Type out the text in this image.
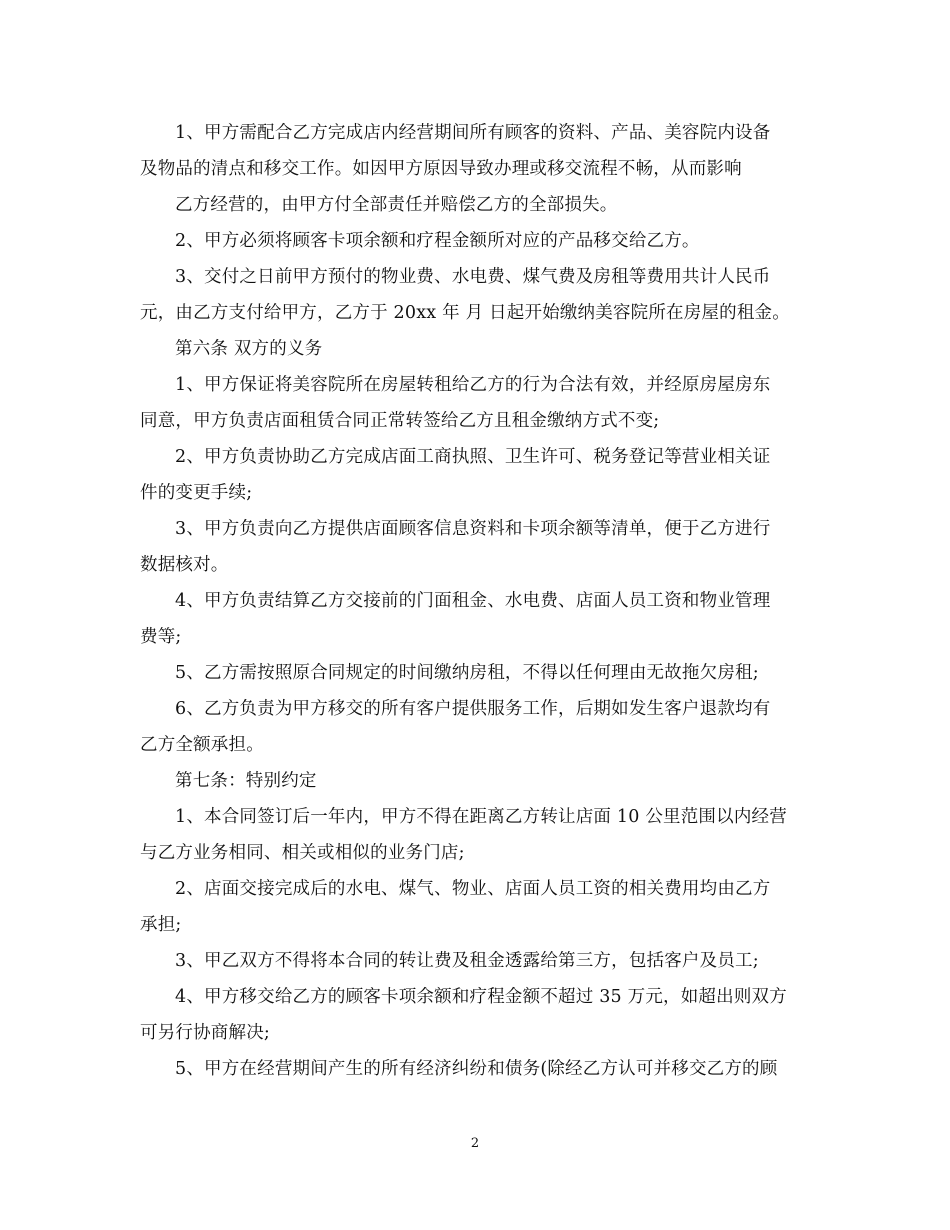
1、甲方需配合乙方完成店内经营期间所有顾客的资料、产品、美容院内设备
及物品的清点和移交工作。如因甲方原因导致办理或移交流程不畅，从而影响
乙方经营的，由甲方付全部责任并赔偿乙方的全部损失。
2、甲方必须将顾客卡项余额和疗程金额所对应的产品移交给乙方。
3、交付之日前甲方预付的物业费、水电费、煤气费及房租等费用共计人民币
元，由乙方支付给甲方，乙方于 20xx 年 月 日起开始缴纳美容院所在房屋的租金。
第六条 双方的义务
1、甲方保证将美容院所在房屋转租给乙方的行为合法有效，并经原房屋房东
同意，甲方负责店面租赁合同正常转签给乙方且租金缴纳方式不变;
2、甲方负责协助乙方完成店面工商执照、卫生许可、税务登记等营业相关证
件的变更手续;
3、甲方负责向乙方提供店面顾客信息资料和卡项余额等清单，便于乙方进行
数据核对。
4、甲方负责结算乙方交接前的门面租金、水电费、店面人员工资和物业管理
费等;
5、乙方需按照原合同规定的时间缴纳房租，不得以任何理由无故拖欠房租;
6、乙方负责为甲方移交的所有客户提供服务工作，后期如发生客户退款均有
乙方全额承担。
第七条：特别约定
1、本合同签订后一年内，甲方不得在距离乙方转让店面 10 公里范围以内经营
与乙方业务相同、相关或相似的业务门店;
2、店面交接完成后的水电、煤气、物业、店面人员工资的相关费用均由乙方
承担;
3、甲乙双方不得将本合同的转让费及租金透露给第三方，包括客户及员工;
4、甲方移交给乙方的顾客卡项余额和疗程金额不超过 35 万元，如超出则双方
可另行协商解决;
5、甲方在经营期间产生的所有经济纠纷和债务(除经乙方认可并移交乙方的顾
2
